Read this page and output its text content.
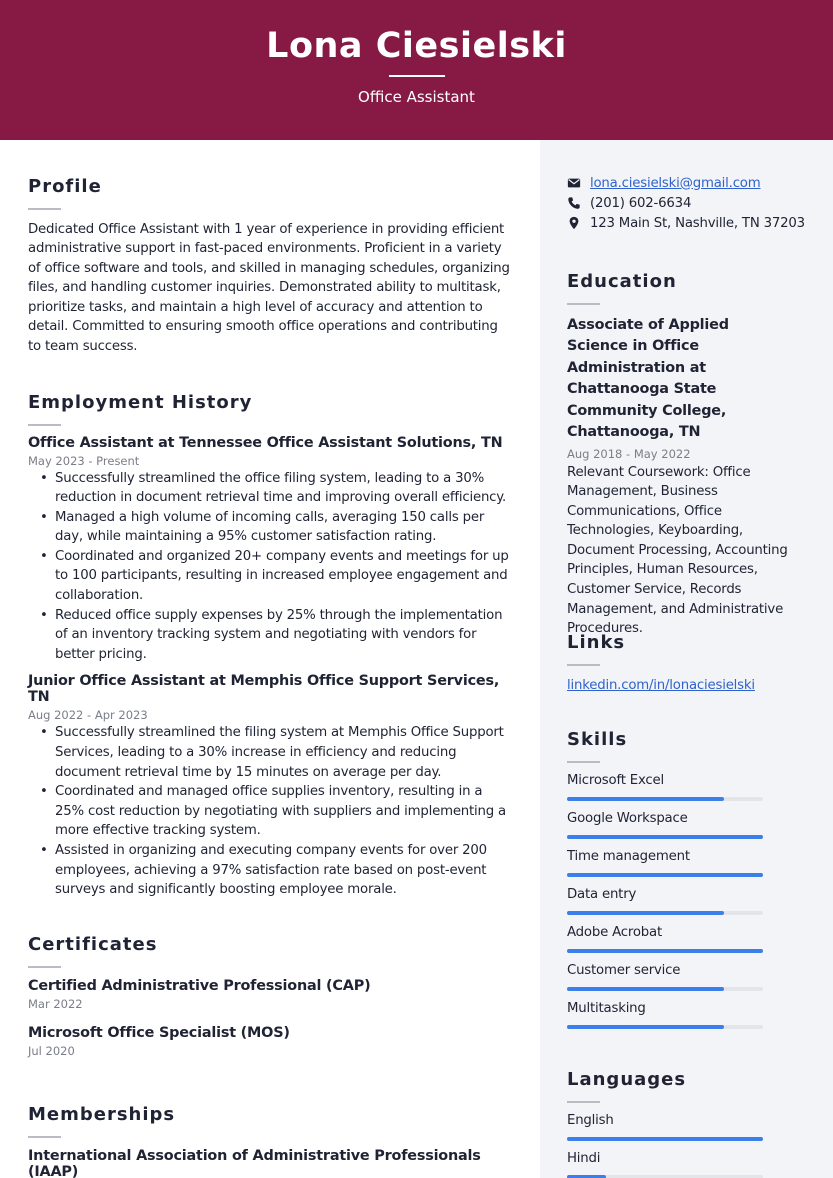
Lona Ciesielski
Office Assistant
Profile

Dedicated Office Assistant with 1 year of experience in providing efficient administrative support in fast-paced environments. Proficient in a variety of office software and tools, and skilled in managing schedules, organizing files, and handling customer inquiries. Demonstrated ability to multitask, prioritize tasks, and maintain a high level of accuracy and attention to detail. Committed to ensuring smooth office operations and contributing to team success.

Employment History
Office Assistant at Tennessee Office Assistant Solutions, TN
May 2023 - Present
• Successfully streamlined the office filing system, leading to a 30% reduction in document retrieval time and improving overall efficiency.
• Managed a high volume of incoming calls, averaging 150 calls per day, while maintaining a 95% customer satisfaction rating.
• Coordinated and organized 20+ company events and meetings for up to 100 participants, resulting in increased employee engagement and collaboration.
• Reduced office supply expenses by 25% through the implementation of an inventory tracking system and negotiating with vendors for better pricing.
Junior Office Assistant at Memphis Office Support Services, TN
Aug 2022 - Apr 2023
• Successfully streamlined the filing system at Memphis Office Support Services, leading to a 30% increase in efficiency and reducing document retrieval time by 15 minutes on average per day.
• Coordinated and managed office supplies inventory, resulting in a 25% cost reduction by negotiating with suppliers and implementing a more effective tracking system.
• Assisted in organizing and executing company events for over 200 employees, achieving a 97% satisfaction rate based on post-event surveys and significantly boosting employee morale.
Certificates
Certified Administrative Professional (CAP)
Mar 2022
Microsoft Office Specialist (MOS)
Jul 2020
Memberships
International Association of Administrative Professionals (IAAP)
lona.ciesielski@gmail.com
(201) 602-6634
123 Main St, Nashville, TN 37203
Education
Associate of Applied Science in Office Administration at Chattanooga State Community College, Chattanooga, TN
Aug 2018 - May 2022

Relevant Coursework: Office Management, Business Communications, Office Technologies, Keyboarding, Document Processing, Accounting Principles, Human Resources, Customer Service, Records Management, and Administrative Procedures.

Links
linkedin.com/in/lonaciesielski
Skills
Microsoft Excel
Google Workspace
Time management
Data entry
Adobe Acrobat
Customer service
Multitasking
Languages
English
Hindi
